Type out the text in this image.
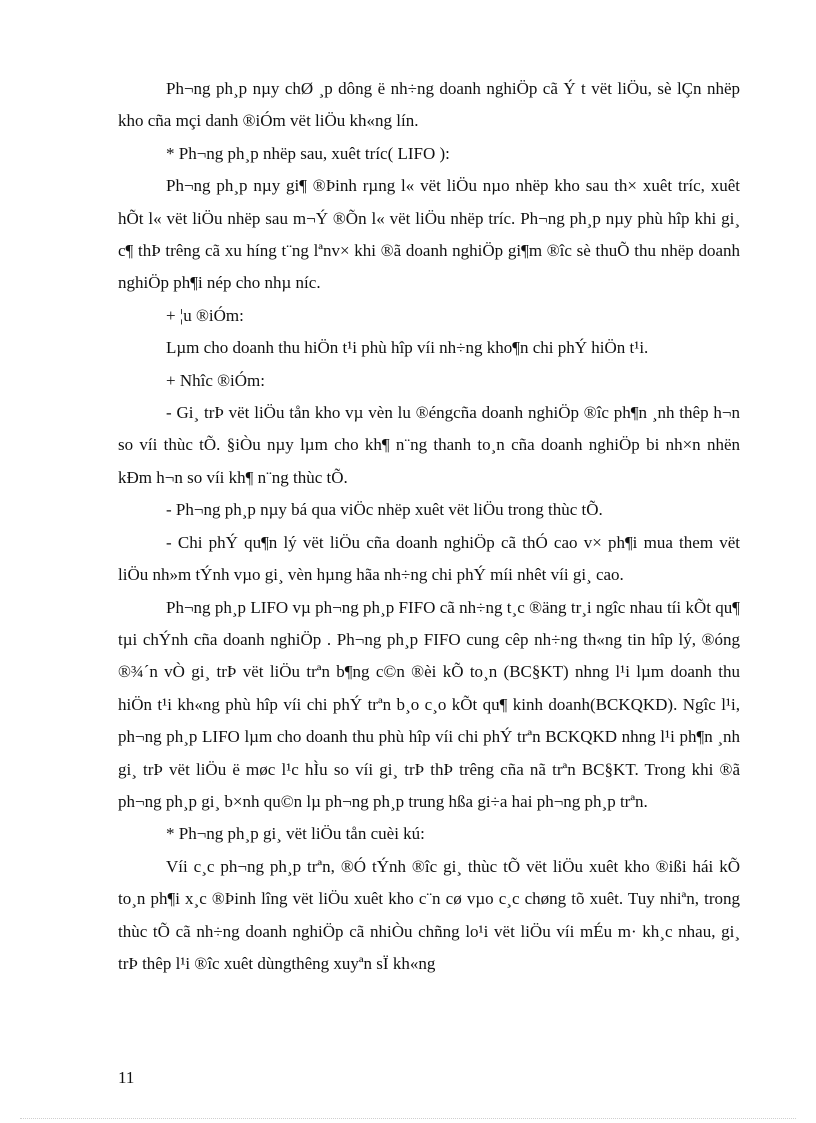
Ph¬ng ph¸p nµy chØ ¸p dông ë nh÷ng doanh nghiÖp cã Ý t vët liÖu, sè lÇn nhëp kho cña mçi danh ®iÓm vët liÖu kh«ng lín.

* Ph¬ng ph¸p nhëp sau, xuêt tríc( LIFO ):

Ph¬ng ph¸p nµy gi¶ ®Þinh rµng l« vët liÖu nµo nhëp kho sau th× xuêt tríc, xuêt hÕt l« vët liÖu nhëp sau m¬Ý ®Õn l« vët liÖu nhëp tríc. Ph¬ng ph¸p nµy phù hîp khi gi¸ c¶ thÞ trêng cã xu híng t¨ng lªnv× khi ®ã doanh nghiÖp gi¶m ®îc sè thuÕ thu nhëp doanh nghiÖp ph¶i nép cho nhµ níc.

+ ¦u ®iÓm:

Lµm cho doanh thu hiÖn t¹i phù hîp víi nh÷ng kho¶n chi phÝ hiÖn t¹i.

+ Nhîc ®iÓm:

- Gi¸ trÞ vët liÖu tån kho vµ vèn lu ®éngcña doanh nghiÖp ®îc ph¶n ¸nh thêp h¬n so víi thùc tÕ. §iÒu nµy lµm cho kh¶ n¨ng thanh to¸n cña doanh nghiÖp bi nh×n nhën kÐm h¬n so víi kh¶ n¨ng thùc tÕ.

- Ph¬ng ph¸p nµy bá qua viÖc nhëp xuêt vët liÖu trong thùc tÕ.

- Chi phÝ qu¶n lý vët liÖu cña doanh nghiÖp cã thÓ cao v× ph¶i mua them vët liÖu nh»m tÝnh vµo gi¸ vèn hµng hãa nh÷ng chi phÝ míi nhêt víi gi¸ cao.

Ph¬ng ph¸p LIFO vµ ph¬ng ph¸p FIFO cã nh÷ng t¸c ®äng tr¸i ngîc nhau tíi kÕt qu¶ tµi chÝnh cña doanh nghiÖp . Ph¬ng ph¸p FIFO cung cêp nh÷ng th«ng tin hîp lý, ®óng ®¾´n vÒ gi¸ trÞ vët liÖu trªn b¶ng c©n ®èi kÕ to¸n (BC§KT) nhng l¹i lµm doanh thu hiÖn t¹i kh«ng phù hîp víi chi phÝ trªn b¸o c¸o kÕt qu¶ kinh doanh(BCKQKD). Ngîc l¹i, ph¬ng ph¸p LIFO lµm cho doanh thu phù hîp víi chi phÝ trªn BCKQKD nhng l¹i ph¶n ¸nh gi¸ trÞ vët liÖu ë møc l¹c hÌu so víi gi¸ trÞ thÞ trêng cña nã trªn BC§KT. Trong khi ®ã ph¬ng ph¸p gi¸ b×nh qu©n lµ ph¬ng ph¸p trung hßa gi÷a hai ph¬ng ph¸p trªn.

* Ph¬ng ph¸p gi¸ vët liÖu tån cuèi kú:

Víi c¸c ph¬ng ph¸p trªn, ®Ó tÝnh ®îc gi¸ thùc tÕ vët liÖu xuêt kho ®ißi hái kÕ to¸n ph¶i x¸c ®Þinh lîng vët liÖu xuêt kho c¨n cø vµo c¸c chøng tõ xuêt. Tuy nhiªn, trong thùc tÕ cã nh÷ng doanh nghiÖp cã nhiÒu chñng lo¹i vët liÖu víi mÉu m· kh¸c nhau, gi¸ trÞ thêp l¹i ®îc xuêt dùngthêng xuyªn sÏ kh«ng

11
